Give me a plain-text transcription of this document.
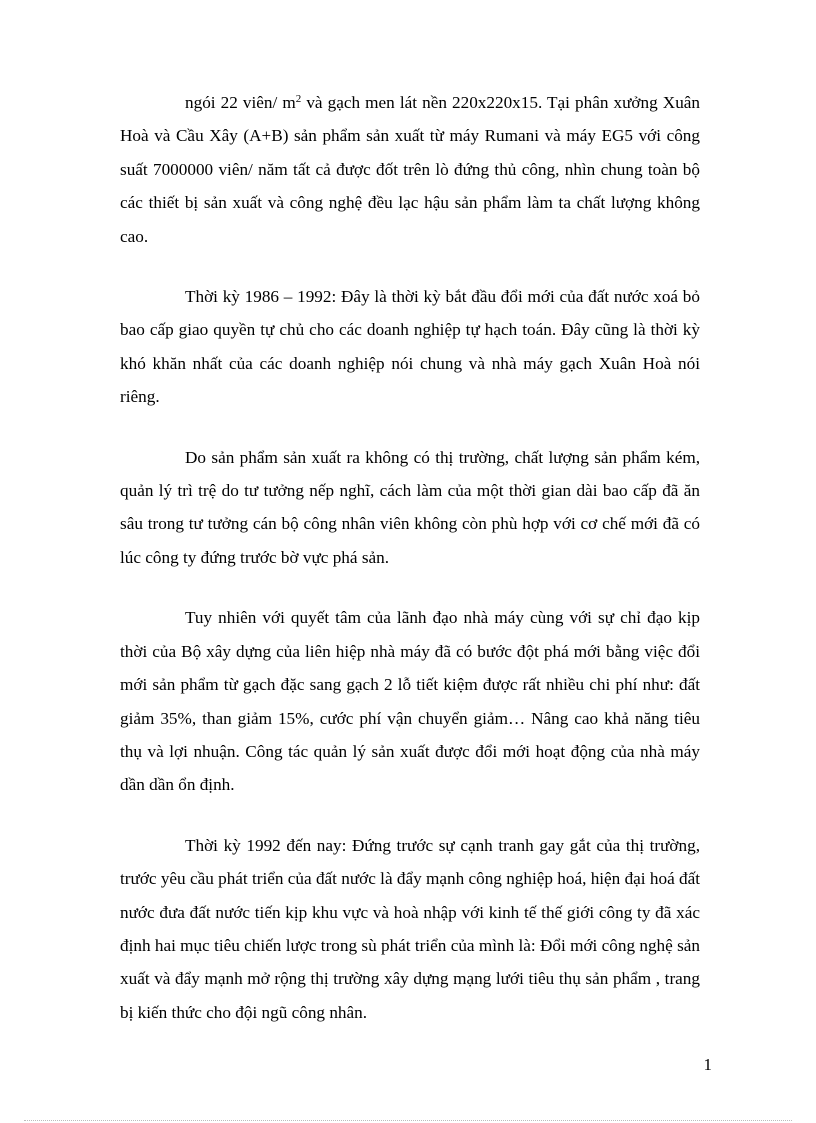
ngói 22 viên/ $m^2$ và gạch men lát nền 220x220x15. Tại phân xưởng Xuân Hoà và Cầu Xây (A+B) sản phẩm sản xuất từ máy Rumani và máy EG5 với công suất 7000000 viên/ năm tất cả được đốt trên lò đứng thủ công, nhìn chung toàn bộ các thiết bị sản xuất và công nghệ đều lạc hậu sản phẩm làm ta chất lượng không cao.

Thời kỳ 1986 – 1992: Đây là thời kỳ bắt đầu đổi mới của đất nước xoá bỏ bao cấp giao quyền tự chủ cho các doanh nghiệp tự hạch toán. Đây cũng là thời kỳ khó khăn nhất của các doanh nghiệp nói chung và nhà máy gạch Xuân Hoà nói riêng.

Do sản phẩm sản xuất ra không có thị trường, chất lượng sản phẩm kém, quản lý trì trệ do tư tưởng nếp nghĩ, cách làm của một thời gian dài bao cấp đã ăn sâu trong tư tưởng cán bộ công nhân viên không còn phù hợp với cơ chế mới đã có lúc công ty đứng trước bờ vực phá sản.

Tuy nhiên với quyết tâm của lãnh đạo nhà máy cùng với sự chỉ đạo kịp thời của Bộ xây dựng của liên hiệp nhà máy đã có bước đột phá mới bằng việc đổi mới sản phẩm từ gạch đặc sang gạch 2 lỗ tiết kiệm được rất nhiều chi phí như: đất giảm 35%, than giảm 15%, cước phí vận chuyển giảm… Nâng cao khả năng tiêu thụ và lợi nhuận. Công tác quản lý sản xuất được đổi mới hoạt động của nhà máy dần dần ổn định.

Thời kỳ 1992 đến nay: Đứng trước sự cạnh tranh gay gắt của thị trường, trước yêu cầu phát triển của đất nước là đẩy mạnh công nghiệp hoá, hiện đại hoá đất nước đưa đất nước tiến kịp khu vực và hoà nhập với kinh tế thế giới công ty đã xác định hai mục tiêu chiến lược trong sù phát triển của mình là: Đổi mới công nghệ sản xuất và đẩy mạnh mở rộng thị trường xây dựng mạng lưới tiêu thụ sản phẩm , trang bị kiến thức cho đội ngũ công nhân.

1
